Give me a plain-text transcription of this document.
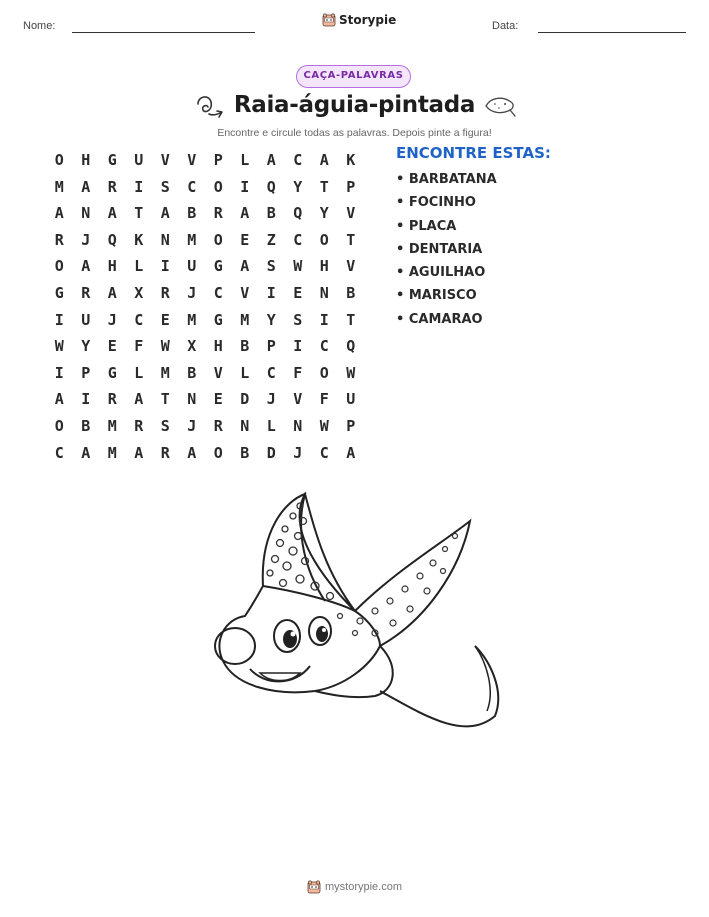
Nome:	Storypie	Data:
CAÇA-PALAVRAS
Raia-águia-pintada
Encontre e circule todas as palavras. Depois pinte a figura!
O	H	G	U	V	V	P	L	A	C	A	K
M	A	R	I	S	C	O	I	Q	Y	T	P
A	N	A	T	A	B	R	A	B	Q	Y	V
R	J	Q	K	N	M	O	E	Z	C	O	T
O	A	H	L	I	U	G	A	S	W	H	V
G	R	A	X	R	J	C	V	I	E	N	B
I	U	J	C	E	M	G	M	Y	S	I	T
W	Y	E	F	W	X	H	B	P	I	C	Q
I	P	G	L	M	B	V	L	C	F	O	W
A	I	R	A	T	N	E	D	J	V	F	U
O	B	M	R	S	J	R	N	L	N	W	P
C	A	M	A	R	A	O	B	D	J	C	A
ENCONTRE ESTAS:
• BARBATANA
• FOCINHO
• PLACA
• DENTARIA
• AGUILHAO
• MARISCO
• CAMARAO
mystorypie.com
